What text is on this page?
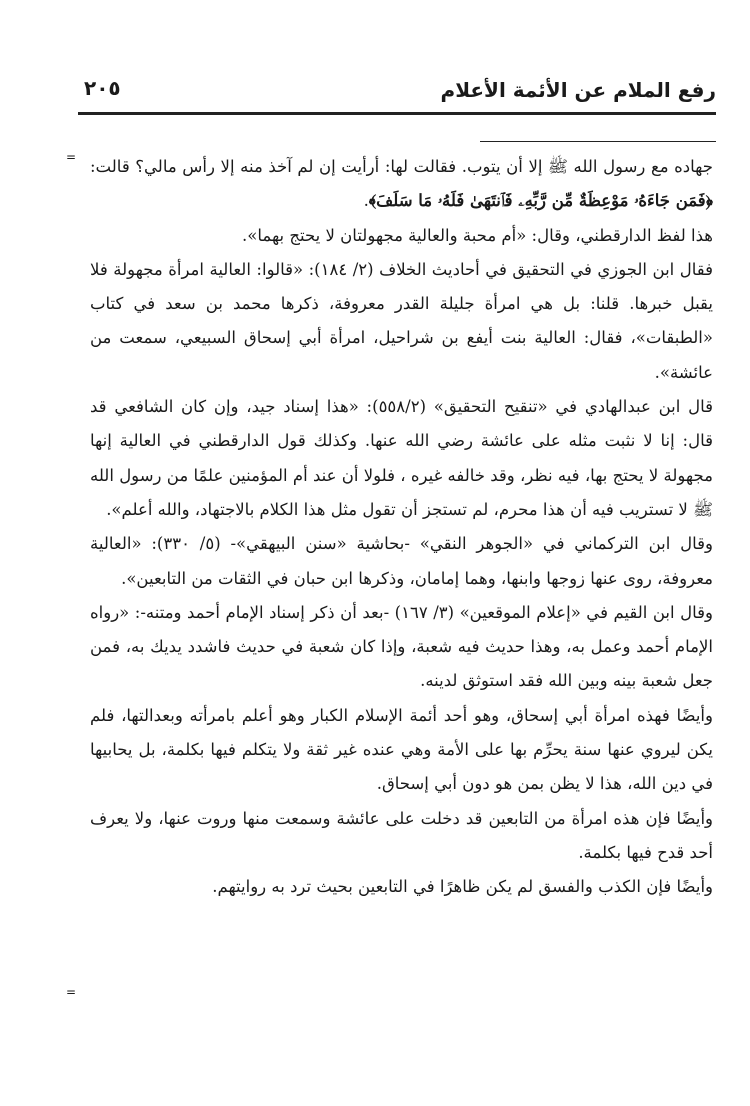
رفع الملام عن الأئمة الأعلام
٢٠٥
= جهاده مع رسول الله ﷺ إلا أن يتوب. فقالت لها: أرأيت إن لم آخذ منه إلا رأس مالي؟ قالت: ﴿فَمَن جَاءَهُۥ مَوْعِظَةٌ مِّن رَّبِّهِۦ فَٱنتَهَىٰ فَلَهُۥ مَا سَلَفَ﴾.

هذا لفظ الدارقطني، وقال: «أم محبة والعالية مجهولتان لا يحتج بهما».

فقال ابن الجوزي في التحقيق في أحاديث الخلاف (٢/ ١٨٤): «قالوا: العالية امرأة مجهولة فلا يقبل خبرها. قلنا: بل هي امرأة جليلة القدر معروفة، ذكرها محمد بن سعد في كتاب «الطبقات»، فقال: العالية بنت أيفع بن شراحيل، امرأة أبي إسحاق السبيعي، سمعت من عائشة».

قال ابن عبدالهادي في «تنقيح التحقيق» (٥٥٨/٢): «هذا إسناد جيد، وإن كان الشافعي قد قال: إنا لا نثبت مثله على عائشة رضي الله عنها. وكذلك قول الدارقطني في العالية إنها مجهولة لا يحتج بها، فيه نظر، وقد خالفه غيره ، فلولا أن عند أم المؤمنين علمًا من رسول الله ﷺ لا تستريب فيه أن هذا محرم، لم تستجز أن تقول مثل هذا الكلام بالاجتهاد، والله أعلم».

وقال ابن التركماني في «الجوهر النقي» -بحاشية «سنن البيهقي»- (٥/ ٣٣٠): «العالية معروفة، روى عنها زوجها وابنها، وهما إمامان، وذكرها ابن حبان في الثقات من التابعين».

وقال ابن القيم في «إعلام الموقعين» (٣/ ١٦٧) -بعد أن ذكر إسناد الإمام أحمد ومتنه-: «رواه الإمام أحمد وعمل به، وهذا حديث فيه شعبة، وإذا كان شعبة في حديث فاشدد يديك به، فمن جعل شعبة بينه وبين الله فقد استوثق لدينه.

وأيضًا فهذه امرأة أبي إسحاق، وهو أحد أئمة الإسلام الكبار وهو أعلم بامرأته وبعدالتها، فلم يكن ليروي عنها سنة يحرِّم بها على الأمة وهي عنده غير ثقة ولا يتكلم فيها بكلمة، بل يحابيها في دين الله، هذا لا يظن بمن هو دون أبي إسحاق.

وأيضًا فإن هذه امرأة من التابعين قد دخلت على عائشة وسمعت منها وروت عنها، ولا يعرف أحد قدح فيها بكلمة.

وأيضًا فإن الكذب والفسق لم يكن ظاهرًا في التابعين بحيث ترد به روايتهم.

=
